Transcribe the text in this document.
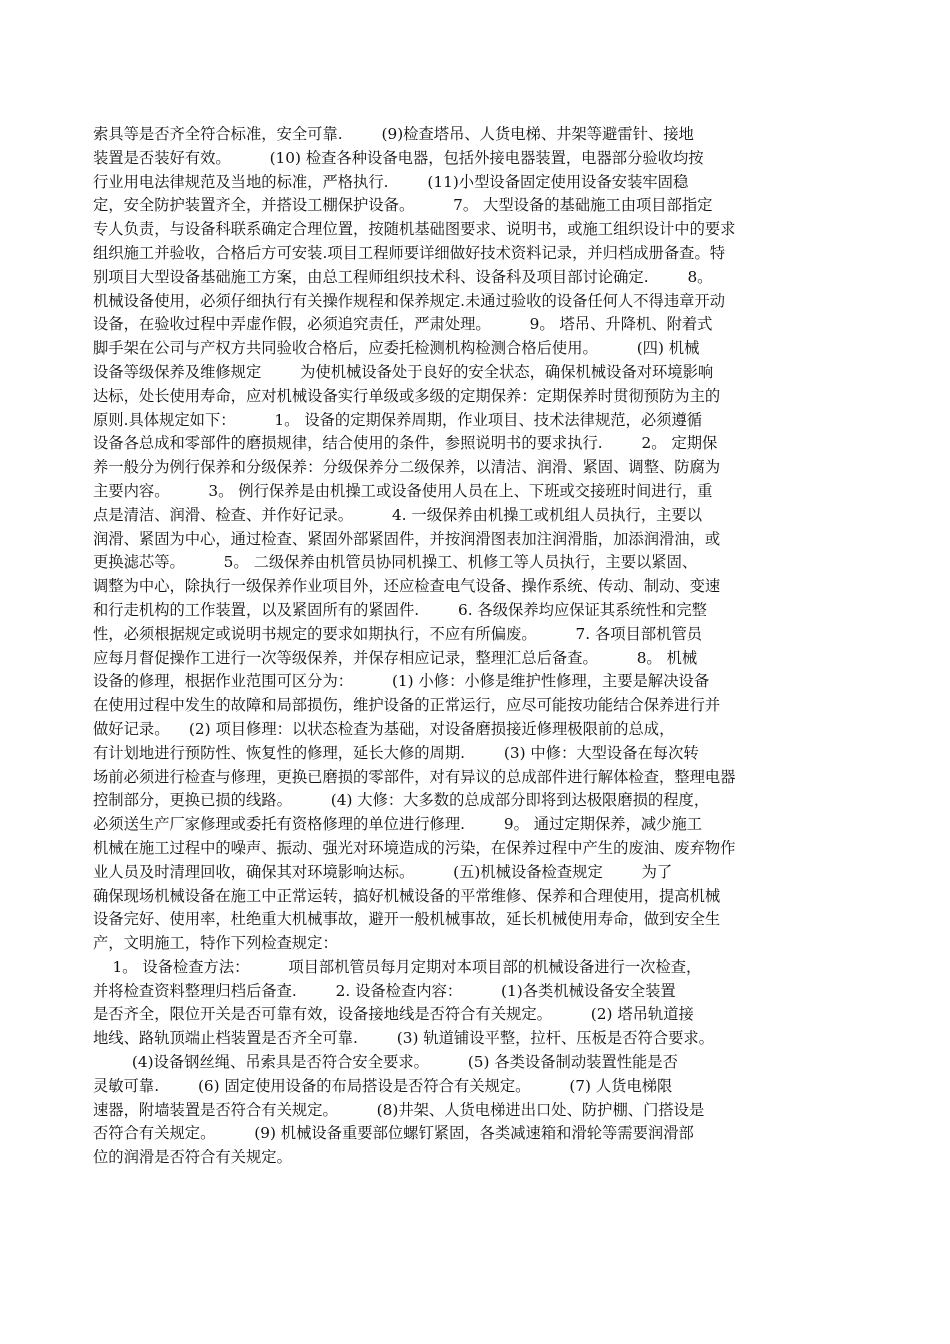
索具等是否齐全符合标准，安全可靠.        (9)检查塔吊、人货电梯、井架等避雷针、接地
装置是否装好有效。        (10) 检查各种设备电器，包括外接电器装置，电器部分验收均按
行业用电法律规范及当地的标准，严格执行.        (11)小型设备固定使用设备安装牢固稳
定，安全防护装置齐全，并搭设工棚保护设备。        7。 大型设备的基础施工由项目部指定
专人负责，与设备科联系确定合理位置，按随机基础图要求、说明书，或施工组织设计中的要求
组织施工并验收，合格后方可安装.项目工程师要详细做好技术资料记录，并归档成册备查。特
别项目大型设备基础施工方案，由总工程师组织技术科、设备科及项目部讨论确定.        8。
机械设备使用，必须仔细执行有关操作规程和保养规定.未通过验收的设备任何人不得违章开动
设备，在验收过程中弄虚作假，必须追究责任，严肃处理。        9。 塔吊、升降机、附着式
脚手架在公司与产权方共同验收合格后，应委托检测机构检测合格后使用。        (四) 机械
设备等级保养及维修规定        为使机械设备处于良好的安全状态，确保机械设备对环境影响
达标，处长使用寿命，应对机械设备实行单级或多级的定期保养：定期保养时贯彻预防为主的
原则.具体规定如下：        1。 设备的定期保养周期，作业项目、技术法律规范，必须遵循
设备各总成和零部件的磨损规律，结合使用的条件，参照说明书的要求执行.        2。 定期保
养一般分为例行保养和分级保养：分级保养分二级保养，以清洁、润滑、紧固、调整、防腐为
主要内容。        3。 例行保养是由机操工或设备使用人员在上、下班或交接班时间进行，重
点是清洁、润滑、检查、并作好记录。        4. 一级保养由机操工或机组人员执行，主要以
润滑、紧固为中心，通过检查、紧固外部紧固件，并按润滑图表加注润滑脂，加添润滑油，或
更换滤芯等。        5。 二级保养由机管员协同机操工、机修工等人员执行，主要以紧固、
调整为中心，除执行一级保养作业项目外，还应检查电气设备、操作系统、传动、制动、变速
和行走机构的工作装置，以及紧固所有的紧固件.        6. 各级保养均应保证其系统性和完整
性，必须根据规定或说明书规定的要求如期执行，不应有所偏废。        7. 各项目部机管员
应每月督促操作工进行一次等级保养，并保存相应记录，整理汇总后备查。        8。 机械
设备的修理，根据作业范围可区分为：        (1) 小修：小修是维护性修理，主要是解决设备
在使用过程中发生的故障和局部损伤，维护设备的正常运行，应尽可能按功能结合保养进行并
做好记录。    (2) 项目修理：以状态检查为基础，对设备磨损接近修理极限前的总成，
有计划地进行预防性、恢复性的修理，延长大修的周期.        (3) 中修：大型设备在每次转
场前必须进行检查与修理，更换已磨损的零部件，对有异议的总成部件进行解体检查，整理电器
控制部分，更换已损的线路。        (4) 大修：大多数的总成部分即将到达极限磨损的程度，
必须送生产厂家修理或委托有资格修理的单位进行修理.        9。 通过定期保养，减少施工
机械在施工过程中的噪声、振动、强光对环境造成的污染，在保养过程中产生的废油、废弃物作
业人员及时清理回收，确保其对环境影响达标。        (五)机械设备检查规定        为了
确保现场机械设备在施工中正常运转，搞好机械设备的平常维修、保养和合理使用，提高机械
设备完好、使用率，杜绝重大机械事故，避开一般机械事故，延长机械使用寿命，做到安全生
产，文明施工，特作下列检查规定：
1。 设备检查方法：        项目部机管员每月定期对本项目部的机械设备进行一次检查，
并将检查资料整理归档后备查.        2. 设备检查内容：        (1)各类机械设备安全装置
是否齐全，限位开关是否可靠有效，设备接地线是否符合有关规定。        (2) 塔吊轨道接
地线、路轨顶端止档装置是否齐全可靠.        (3) 轨道铺设平整，拉杆、压板是否符合要求。
(4)设备钢丝绳、吊索具是否符合安全要求。        (5) 各类设备制动装置性能是否
灵敏可靠.        (6) 固定使用设备的布局搭设是否符合有关规定。        (7) 人货电梯限
速器，附墙装置是否符合有关规定。        (8)井架、人货电梯进出口处、防护棚、门搭设是
否符合有关规定。        (9) 机械设备重要部位螺钉紧固，各类减速箱和滑轮等需要润滑部
位的润滑是否符合有关规定。
